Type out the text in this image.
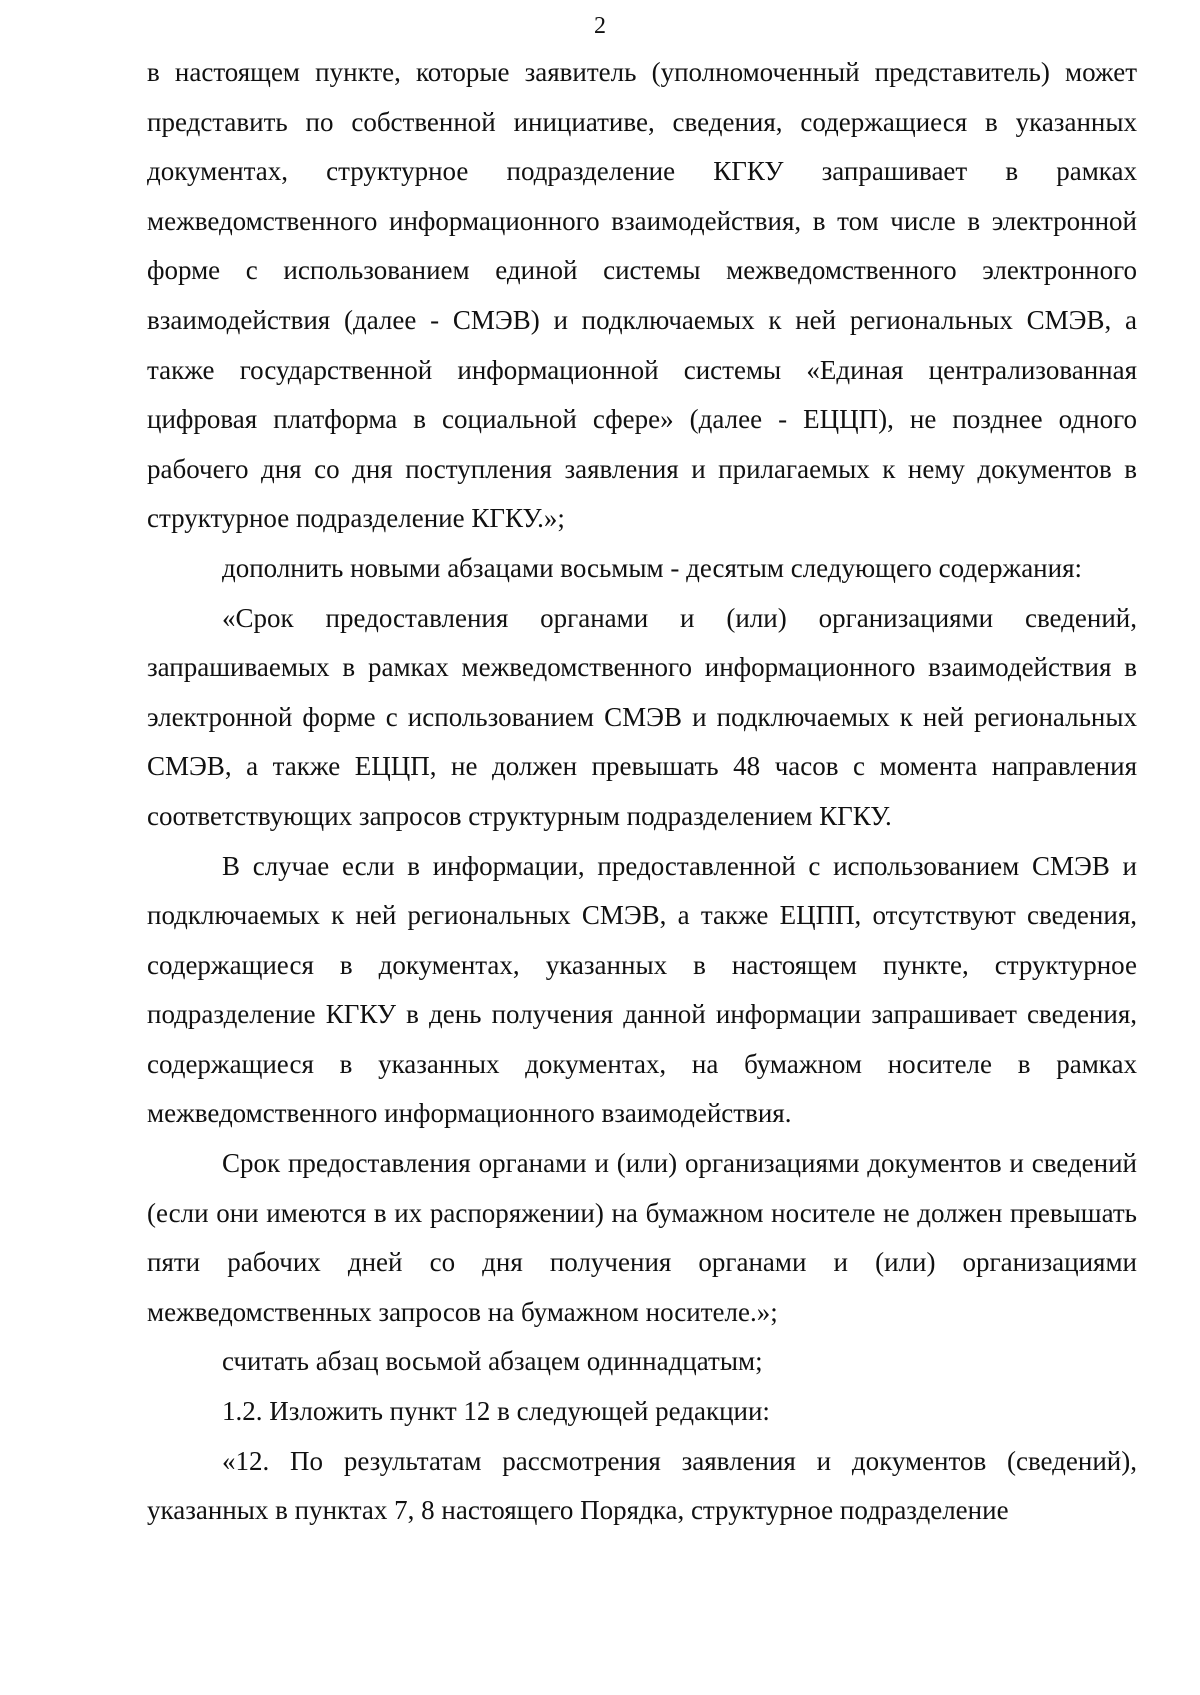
2

в настоящем пункте, которые заявитель (уполномоченный представитель) может представить по собственной инициативе, сведения, содержащиеся в указанных документах, структурное подразделение КГКУ запрашивает в рамках межведомственного информационного взаимодействия, в том числе в электронной форме с использованием единой системы межведомственного электронного взаимодействия (далее - СМЭВ) и подключаемых к ней региональных СМЭВ, а также государственной информационной системы «Единая централизованная цифровая платформа в социальной сфере» (далее - ЕЦЦП), не позднее одного рабочего дня со дня поступления заявления и прилагаемых к нему документов в структурное подразделение КГКУ.»;

дополнить новыми абзацами восьмым - десятым следующего содержания:

«Срок предоставления органами и (или) организациями сведений, запрашиваемых в рамках межведомственного информационного взаимодействия в электронной форме с использованием СМЭВ и подключаемых к ней региональных СМЭВ, а также ЕЦЦП, не должен превышать 48 часов с момента направления соответствующих запросов структурным подразделением КГКУ.

В случае если в информации, предоставленной с использованием СМЭВ и подключаемых к ней региональных СМЭВ, а также ЕЦПП, отсутствуют сведения, содержащиеся в документах, указанных в настоящем пункте, структурное подразделение КГКУ в день получения данной информации запрашивает сведения, содержащиеся в указанных документах, на бумажном носителе в рамках межведомственного информационного взаимодействия.

Срок предоставления органами и (или) организациями документов и сведений (если они имеются в их распоряжении) на бумажном носителе не должен превышать пяти рабочих дней со дня получения органами и (или) организациями межведомственных запросов на бумажном носителе.»;

считать абзац восьмой абзацем одиннадцатым;

1.2. Изложить пункт 12 в следующей редакции:

«12. По результатам рассмотрения заявления и документов (сведений), указанных в пунктах 7, 8 настоящего Порядка, структурное подразделение
